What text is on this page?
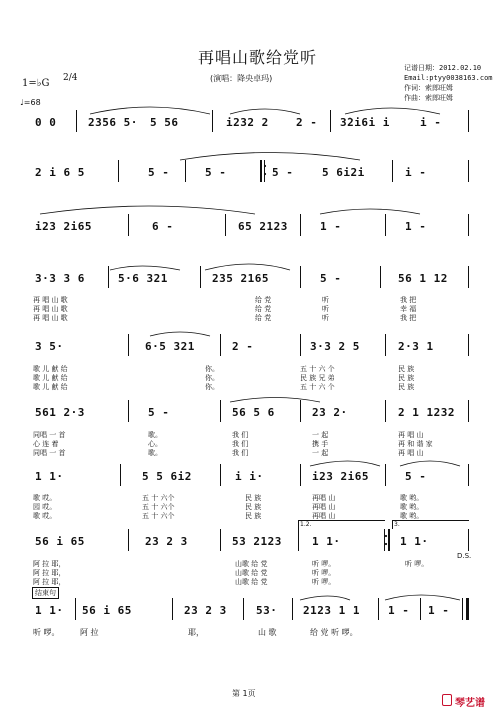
再唱山歌给党听
(演唱：降央卓玛)
1=♭G 2/4
♩=68
记谱日期：2012.02.10
Email:ptyy0038163.com
作词：索郎旺姆
作曲：索郎旺姆
0 0	2356 5· 5 56	i232 2 2 - 3̇2i6i i	i -
2 i 6 5	5 -	5 -	5 -	5 6i2i	i -
i23 2i65	6 -	65 2123	1 -	1 -
3·3 3 6	5·6 321	235 2165	5 -	56 1 12
再 唱 山 歌	给 党	听	我 把
再 唱 山 歌	给 党	听	幸 福
再 唱 山 歌	给 党	听	我 把
3 5·	6·5 321	2 -	3·3 2 5	2·3 1
歌 儿 献 给	你。	五 十 六 个	民 族
歌 儿 献 给	你。	民 族 兄 弟	民 族
歌 儿 献 给	你。	五 十 六 个	民 族
561 2·3	5 -	56 5 6	23 2·	2 1 1232
同唱 一 首	歌。	我 们	一 起	再 唱 山
心 连 着	心。	我 们	携 手	再 和 谐 家
同唱 一 首	歌。	我 们	一 起	再 唱 山
1 1·	5 5 6i2	i i·	i23 2i65	5 -
歌 哎。	五 十 六个	民 族	再唱 山	歌 哟。
园 哎。	五 十 六个	民 族	再唱 山	歌 哟。
歌 哎。	五 十 六个	民 族	再唱 山	歌 哟。
1.2.	3.
56 i 65	23 2 3	53 2123	1 1·	1 1·
D.S.
阿 拉 耶，	山歌 给 党	听 啰。	听 啰。
阿 拉 耶，	山歌 给 党	听 啰。
阿 拉 耶，	山歌 给 党	听 啰。
结束句
1 1· 56 i 65	23 2 3	53· 2123 1 1	1 - 1 -
听 啰。	阿 拉	耶，	山 歌	给 党 听 啰。
第 1页
琴艺谱
